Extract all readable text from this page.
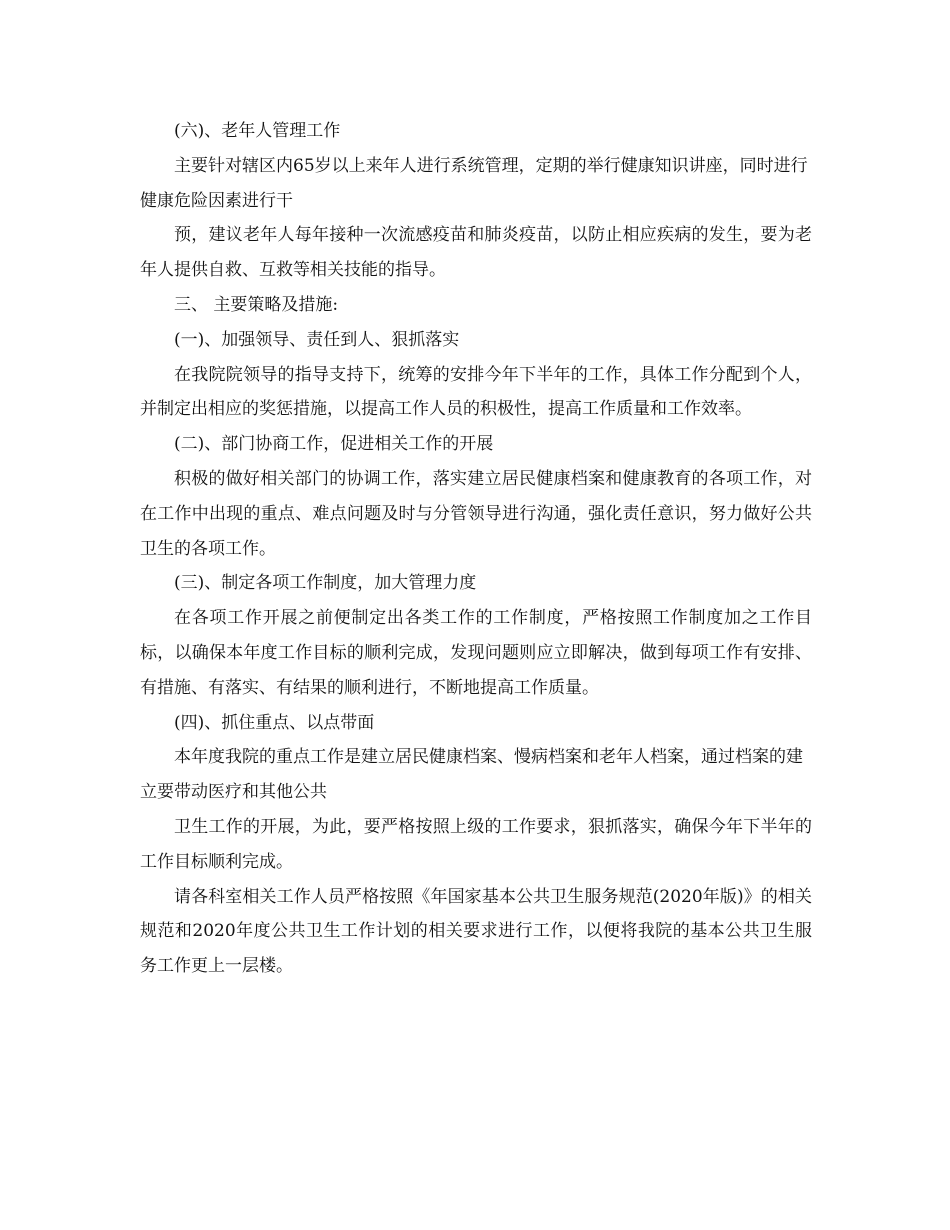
(六)、老年人管理工作

主要针对辖区内65岁以上来年人进行系统管理，定期的举行健康知识讲座，同时进行健康危险因素进行干

预，建议老年人每年接种一次流感疫苗和肺炎疫苗，以防止相应疾病的发生，要为老年人提供自救、互救等相关技能的指导。

三、 主要策略及措施:

(一)、加强领导、责任到人、狠抓落实

在我院院领导的指导支持下，统筹的安排今年下半年的工作，具体工作分配到个人，并制定出相应的奖惩措施，以提高工作人员的积极性，提高工作质量和工作效率。

(二)、部门协商工作，促进相关工作的开展

积极的做好相关部门的协调工作，落实建立居民健康档案和健康教育的各项工作，对在工作中出现的重点、难点问题及时与分管领导进行沟通，强化责任意识，努力做好公共卫生的各项工作。

(三)、制定各项工作制度，加大管理力度

在各项工作开展之前便制定出各类工作的工作制度，严格按照工作制度加之工作目标，以确保本年度工作目标的顺利完成，发现问题则应立即解决，做到每项工作有安排、有措施、有落实、有结果的顺利进行，不断地提高工作质量。

(四)、抓住重点、以点带面

本年度我院的重点工作是建立居民健康档案、慢病档案和老年人档案，通过档案的建立要带动医疗和其他公共

卫生工作的开展，为此，要严格按照上级的工作要求，狠抓落实，确保今年下半年的工作目标顺利完成。

请各科室相关工作人员严格按照《年国家基本公共卫生服务规范(2020年版)》的相关规范和2020年度公共卫生工作计划的相关要求进行工作，以便将我院的基本公共卫生服务工作更上一层楼。
